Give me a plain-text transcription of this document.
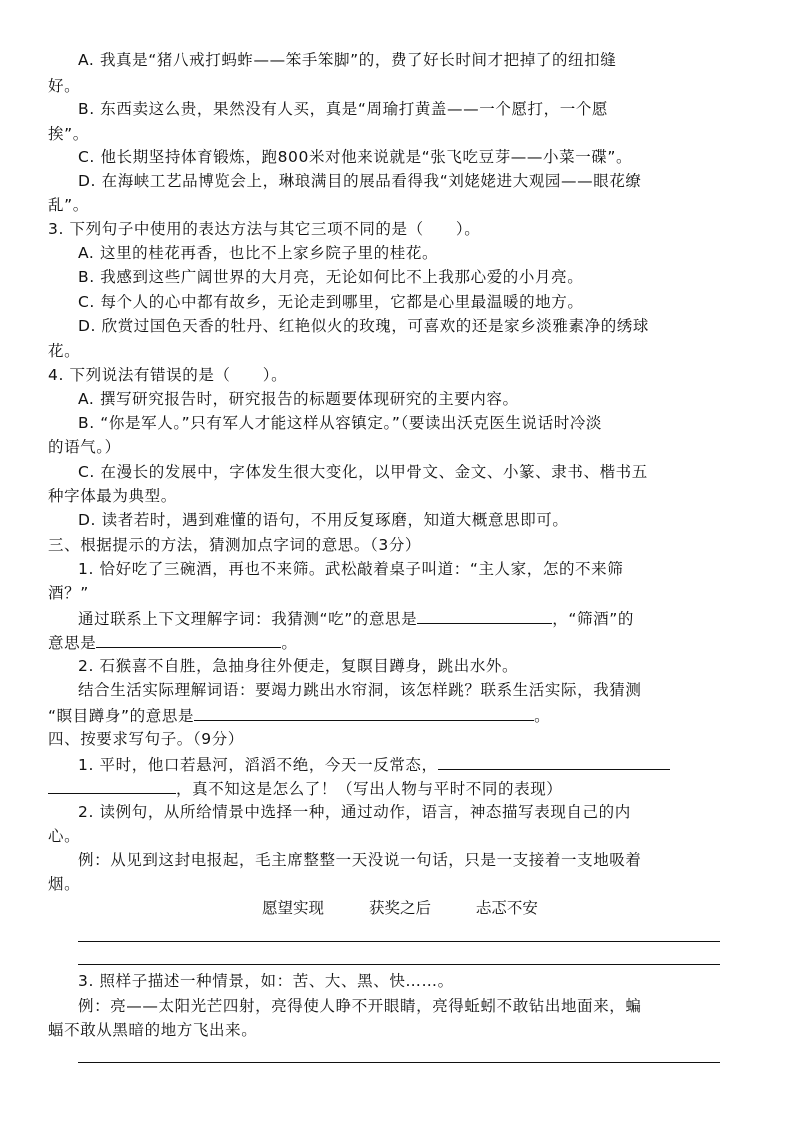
A. 我真是“猪八戒打蚂蚱——笨手笨脚”的，费了好长时间才把掉了的纽扣缝
好。
B. 东西卖这么贵，果然没有人买，真是“周瑜打黄盖——一个愿打，一个愿
挨”。
C. 他长期坚持体育锻炼，跑800米对他来说就是“张飞吃豆芽——小菜一碟”。
D. 在海峡工艺品博览会上，琳琅满目的展品看得我“刘姥姥进大观园——眼花缭
乱”。
3. 下列句子中使用的表达方法与其它三项不同的是（　　）。
A. 这里的桂花再香，也比不上家乡院子里的桂花。
B. 我感到这些广阔世界的大月亮，无论如何比不上我那心爱的小月亮。
C. 每个人的心中都有故乡，无论走到哪里，它都是心里最温暖的地方。
D. 欣赏过国色天香的牡丹、红艳似火的玫瑰，可喜欢的还是家乡淡雅素净的绣球
花。
4. 下列说法有错误的是（　　）。
A. 撰写研究报告时，研究报告的标题要体现研究的主要内容。
B. “你是军人。”只有军人才能这样从容镇定。”（要读出沃克医生说话时冷淡
的语气。）
C. 在漫长的发展中，字体发生很大变化，以甲骨文、金文、小篆、隶书、楷书五
种字体最为典型。
D. 读者若时，遇到难懂的语句，不用反复琢磨，知道大概意思即可。
三、根据提示的方法，猜测加点字词的意思。（3分）
1. 恰好吃了三碗酒，再也不来筛。武松敲着桌子叫道：“主人家，怎的不来筛
酒？”
通过联系上下文理解字词：我猜测“吃”的意思是	，“筛酒”的
意思是	。
2. 石猴喜不自胜，急抽身往外便走，复瞑目蹲身，跳出水外。
结合生活实际理解词语：要竭力跳出水帘洞，该怎样跳？联系生活实际，我猜测
“瞑目蹲身”的意思是	。
四、按要求写句子。（9分）
1. 平时，他口若悬河，滔滔不绝，今天一反常态，
，真不知这是怎么了！（写出人物与平时不同的表现）
2. 读例句，从所给情景中选择一种，通过动作，语言，神态描写表现自己的内
心。
例：从见到这封电报起，毛主席整整一天没说一句话，只是一支接着一支地吸着
烟。
愿望实现	获奖之后	忐忑不安
3. 照样子描述一种情景，如：苦、大、黑、快……。
例：亮——太阳光芒四射，亮得使人睁不开眼睛，亮得蚯蚓不敢钻出地面来，蝙
蝠不敢从黑暗的地方飞出来。
